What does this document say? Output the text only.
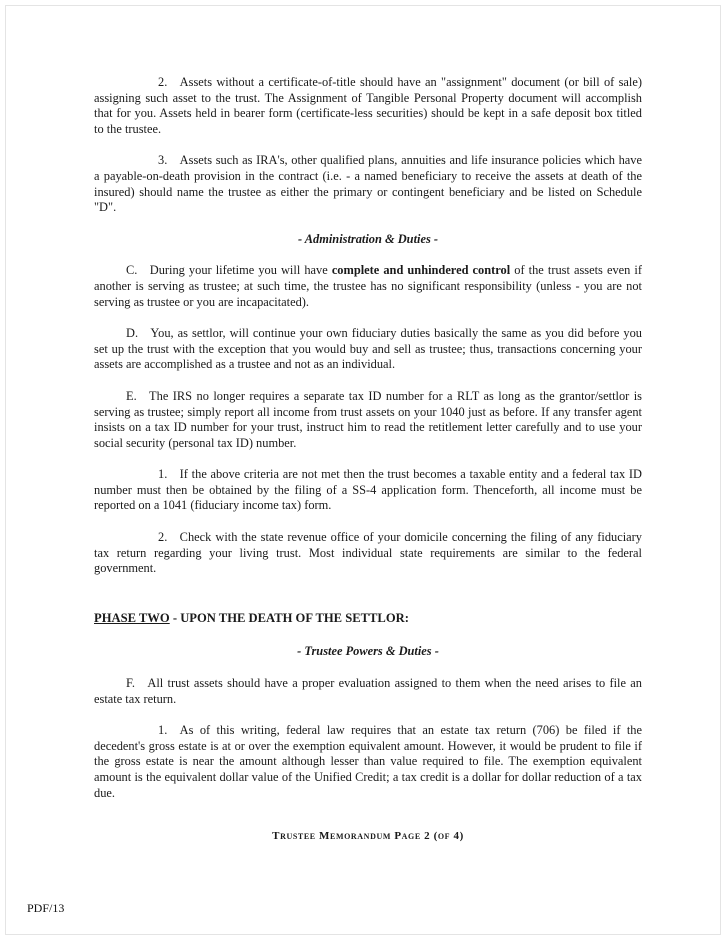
2. Assets without a certificate-of-title should have an "assignment" document (or bill of sale) assigning such asset to the trust. The Assignment of Tangible Personal Property document will accomplish that for you. Assets held in bearer form (certificate-less securities) should be kept in a safe deposit box titled to the trustee.

3. Assets such as IRA's, other qualified plans, annuities and life insurance policies which have a payable-on-death provision in the contract (i.e. - a named beneficiary to receive the assets at death of the insured) should name the trustee as either the primary or contingent beneficiary and be listed on Schedule "D".

- Administration & Duties -

C. During your lifetime you will have complete and unhindered control of the trust assets even if another is serving as trustee; at such time, the trustee has no significant responsibility (unless - you are not serving as trustee or you are incapacitated).

D. You, as settlor, will continue your own fiduciary duties basically the same as you did before you set up the trust with the exception that you would buy and sell as trustee; thus, transactions concerning your assets are accomplished as a trustee and not as an individual.

E. The IRS no longer requires a separate tax ID number for a RLT as long as the grantor/settlor is serving as trustee; simply report all income from trust assets on your 1040 just as before. If any transfer agent insists on a tax ID number for your trust, instruct him to read the retitlement letter carefully and to use your social security (personal tax ID) number.

1. If the above criteria are not met then the trust becomes a taxable entity and a federal tax ID number must then be obtained by the filing of a SS-4 application form. Thenceforth, all income must be reported on a 1041 (fiduciary income tax) form.

2. Check with the state revenue office of your domicile concerning the filing of any fiduciary tax return regarding your living trust. Most individual state requirements are similar to the federal government.

PHASE TWO - UPON THE DEATH OF THE SETTLOR:
- Trustee Powers & Duties -

F. All trust assets should have a proper evaluation assigned to them when the need arises to file an estate tax return.

1. As of this writing, federal law requires that an estate tax return (706) be filed if the decedent's gross estate is at or over the exemption equivalent amount. However, it would be prudent to file if the gross estate is near the amount although lesser than value required to file. The exemption equivalent amount is the equivalent dollar value of the Unified Credit; a tax credit is a dollar for dollar reduction of a tax due.

Trustee Memorandum Page 2 (of 4)
PDF/13
